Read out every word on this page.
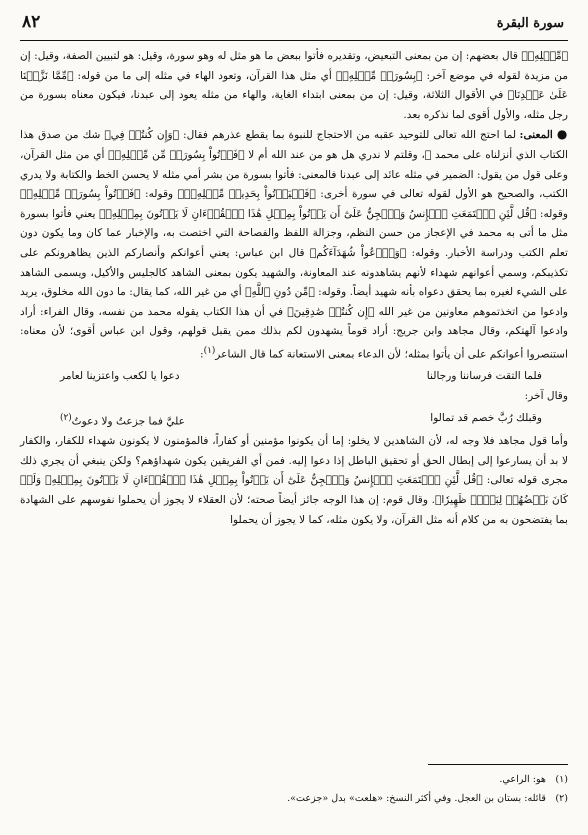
٨٢	سورة البقرة

﴿مِّثۡلِهِۦ﴾ قال بعضهم: إن من بمعنى التبعيض، وتقديره فأتوا ببعض ما هو مثل له وهو سورة، وقيل: هو لتبيين الصفة، وقيل: إن من مزيدة لقوله في موضع آخر: ﴿بِسُورَةٖ مِّثۡلِهِۦ﴾ أي مثل هذا القرآن، وتعود الهاء في مثله إلى ما من قوله: ﴿مِّمَّا نَزَّلۡنَا عَلَىٰ عَبۡدِنَا﴾ في الأقوال الثلاثة، وقيل: إن من بمعنى ابتداء الغاية، والهاء من مثله يعود إلى عبدنا، فيكون معناه بسورة من رجل مثله، والأول أقوى لما نذكره بعد.

● المعنى: لما احتج الله تعالى للتوحيد عقبه من الاحتجاج للنبوة بما يقطع عذرهم فقال: ﴿وَإِن كُنتُمۡ فِي﴾ شك من صدق هذا الكتاب الذي أنزلناه على محمد ﷺ، وقلتم لا ندري هل هو من عند الله أم لا ﴿فَأۡتُواْ بِسُورَةٖ مِّن مِّثۡلِهِۦ﴾ أي من مثل القرآن، وعلى قول من يقول: الضمير في مثله عائد إلى عبدنا فالمعنى: فأتوا بسورة من بشر أمي مثله لا يحسن الخط والكتابة ولا يدري الكتب، والصحيح هو الأول لقوله تعالى في سورة أخرى: ﴿فَلۡيَأۡتُواْ بِحَدِيثٖ مِّثۡلِهِۦٓ﴾ وقوله: ﴿فَأۡتُواْ بِسُورَةٖ مِّثۡلِهِۦ﴾ وقوله: ﴿قُل لَّئِنِ ٱجۡتَمَعَتِ ٱلۡإِنسُ وَٱلۡجِنُّ عَلَىٰٓ أَن يَأۡتُواْ بِمِثۡلِ هَٰذَا ٱلۡقُرۡءَانِ لَا يَأۡتُونَ بِمِثۡلِهِۦ﴾ يعني فأتوا بسورة مثل ما أتى به محمد في الإعجاز من حسن النظم، وجزالة اللفظ والفصاحة التي اختصت به، والإخبار عما كان وما يكون دون تعلم الكتب ودراسة الأخبار. وقوله: ﴿وَٱدۡعُواْ شُهَدَآءَكُم﴾ قال ابن عباس: يعني أعوانكم وأنصاركم الذين يظاهرونكم على تكذيبكم، وسمي أعوانهم شهداء لأنهم يشاهدونه عند المعاونة، والشهيد يكون بمعنى الشاهد كالجليس والأكيل، ويسمى الشاهد على الشيء لغيره بما يحقق دعواه بأنه شهيد أيضاً. وقوله: ﴿مِّن دُونِ ٱللَّهِ﴾ أي من غير الله، كما يقال: ما دون الله مخلوق، يريد وادعوا من اتخذتموهم معاونين من غير الله ﴿إِن كُنتُمۡ صَٰدِقِينَ﴾ في أن هذا الكتاب يقوله محمد من نفسه، وقال الفراء: أراد وادعوا آلهتكم، وقال مجاهد وابن جريج: أراد قوماً يشهدون لكم بذلك ممن يقبل قولهم، وقول ابن عباس أقوى؛ لأن معناه: استنصروا أعوانكم على أن يأتوا بمثله؛ لأن الدعاء بمعنى الاستعانة كما قال الشاعر$^{(١)}$:

فلما التقت فرساننا ورجالنا
دعوا يا لكعب واعتزينا لعامر

وقال آخر:

وقبلك رُبَّ خصم قد تمالوا
عليَّ فما جزعتُ ولا دعوتُ$^{(٢)}$

وأما قول مجاهد فلا وجه له، لأن الشاهدين لا يخلو: إما أن يكونوا مؤمنين أو كفاراً، فالمؤمنون لا يكونون شهداء للكفار، والكفار لا بد أن يسارعوا إلى إبطال الحق أو تحقيق الباطل إذا دعوا إليه. فمن أي الفريقين يكون شهداؤهم؟ ولكن ينبغي أن يجري ذلك مجرى قوله تعالى: ﴿قُل لَّئِنِ ٱجۡتَمَعَتِ ٱلۡإِنسُ وَٱلۡجِنُّ عَلَىٰٓ أَن يَأۡتُواْ بِمِثۡلِ هَٰذَا ٱلۡقُرۡءَانِ لَا يَأۡتُونَ بِمِثۡلِهِۦ وَلَوۡ كَانَ بَعۡضُهُمۡ لِبَعۡضٖ ظَهِيرٗا﴾. وقال قوم: إن هذا الوجه جائز أيضاً صحته؛ لأن العقلاء لا يجوز أن يحملوا نفوسهم على الشهادة بما يفتضحون به من كلام أنه مثل القرآن، ولا يكون مثله، كما لا يجوز أن يحملوا

(١)هو: الراعي.
(٢)قائله: بستان بن العجل. وفي أكثر النسخ: «هلعت» بدل «جزعت».
